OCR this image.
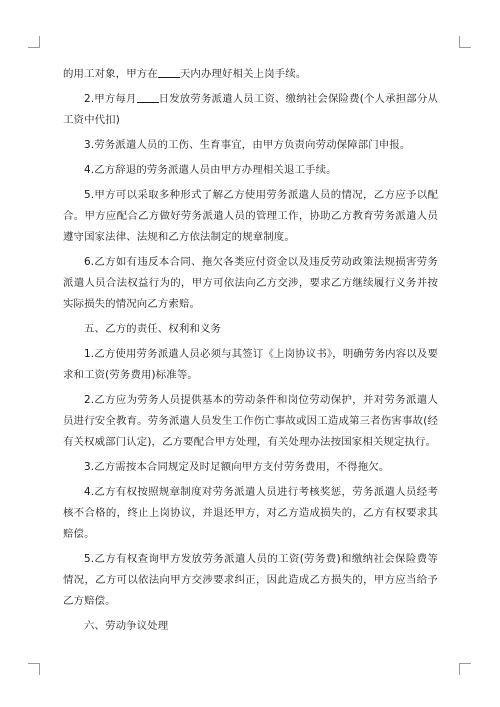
的用工对象，甲方在 天内办理好相关上岗手续。

2.甲方每月 日发放劳务派遣人员工资、缴纳社会保险费(个人承担部分从工资中代扣)

3.劳务派遣人员的工伤、生育事宜，由甲方负责向劳动保障部门申报。

4.乙方辞退的劳务派遣人员由甲方办理相关退工手续。

5.甲方可以采取多种形式了解乙方使用劳务派遣人员的情况，乙方应予以配合。甲方应配合乙方做好劳务派遣人员的管理工作，协助乙方教育劳务派遣人员遵守国家法律、法规和乙方依法制定的规章制度。

6.乙方如有违反本合同、拖欠各类应付资金以及违反劳动政策法规损害劳务派遣人员合法权益行为的，甲方可依法向乙方交涉，要求乙方继续履行义务并按实际损失的情况向乙方索赔。

五、乙方的责任、权利和义务

1.乙方使用劳务派遣人员必须与其签订《上岗协议书》，明确劳务内容以及要求和工资(劳务费用)标准等。

2.乙方应为劳务人员提供基本的劳动条件和岗位劳动保护，并对劳务派遣人员进行安全教育。劳务派遣人员发生工作伤亡事故或因工造成第三者伤害事故(经有关权威部门认定)，乙方要配合甲方处理，有关处理办法按国家相关规定执行。

3.乙方需按本合同规定及时足额向甲方支付劳务费用，不得拖欠。

4.乙方有权按照规章制度对劳务派遣人员进行考核奖惩，劳务派遣人员经考核不合格的，终止上岗协议，并退还甲方，对乙方造成损失的，乙方有权要求其赔偿。

5.乙方有权查询甲方发放劳务派遣人员的工资(劳务费)和缴纳社会保险费等情况，乙方可以依法向甲方交涉要求纠正，因此造成乙方损失的，甲方应当给予乙方赔偿。

六、劳动争议处理
